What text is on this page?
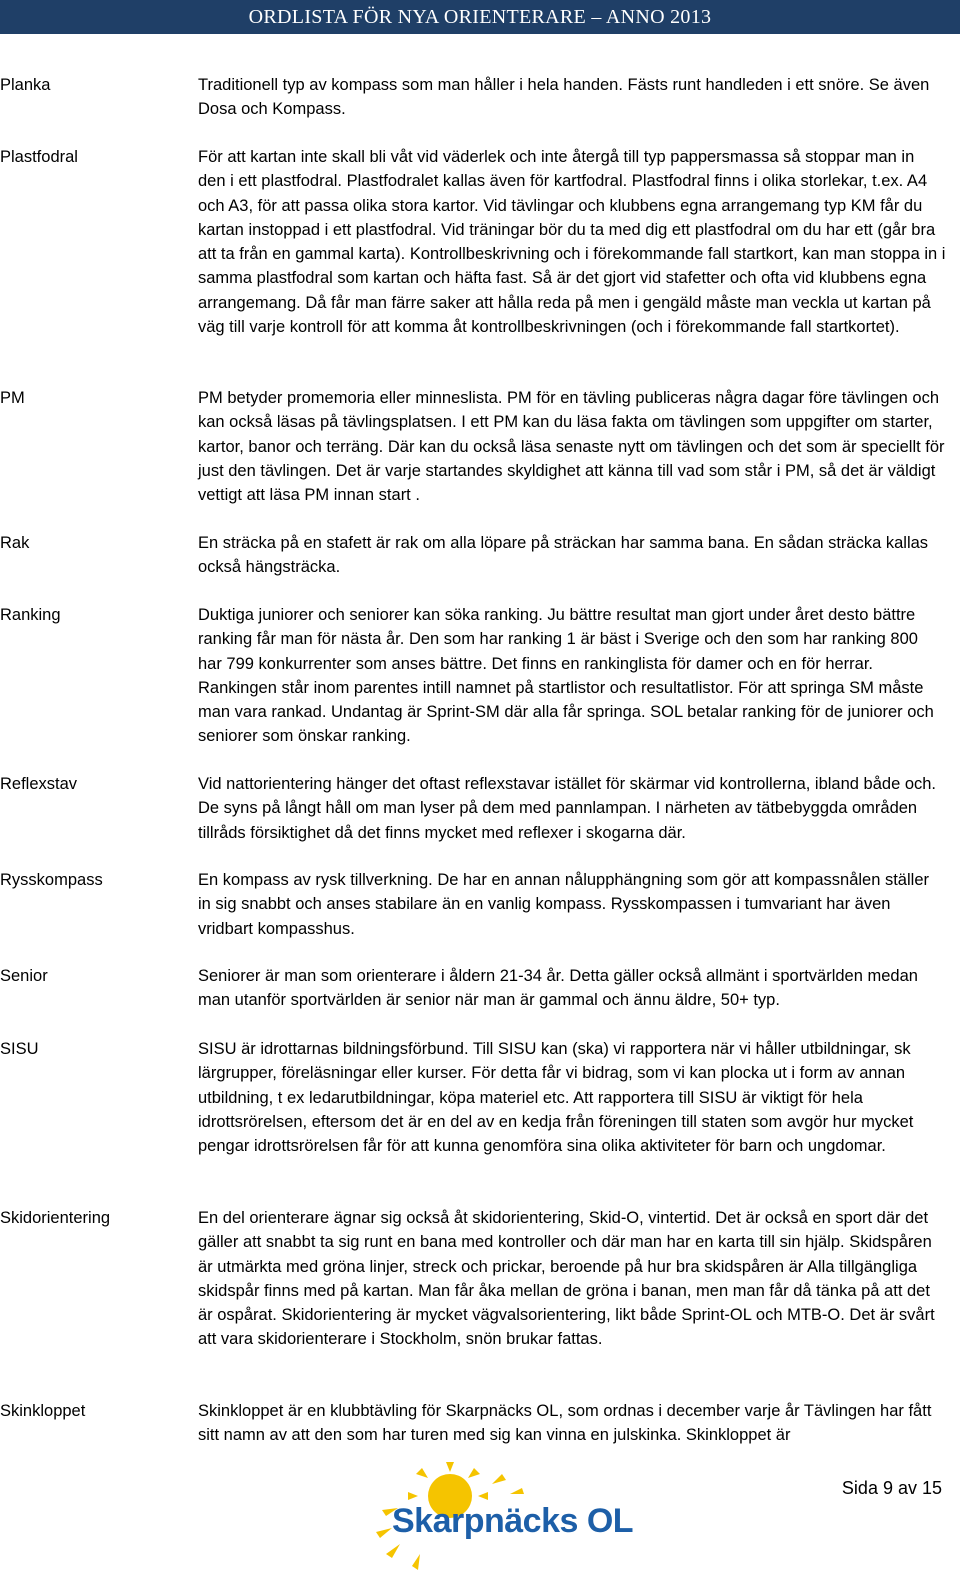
ORDLISTA FÖR NYA ORIENTERARE – ANNO 2013
Planka	Traditionell typ av kompass som man håller i hela handen. Fästs runt handleden i ett snöre. Se även Dosa och Kompass.
Plastfodral	För att kartan inte skall bli våt vid väderlek och inte återgå till typ pappersmassa så stoppar man in den i ett plastfodral. Plastfodralet kallas även för kartfodral. Plastfodral finns i olika storlekar, t.ex. A4 och A3, för att passa olika stora kartor. Vid tävlingar och klubbens egna arrangemang typ KM får du kartan instoppad i ett plastfodral. Vid träningar bör du ta med dig ett plastfodral om du har ett (går bra att ta från en gammal karta). Kontrollbeskrivning och i förekommande fall startkort, kan man stoppa in i samma plastfodral som kartan och häfta fast. Så är det gjort vid stafetter och ofta vid klubbens egna arrangemang. Då får man färre saker att hålla reda på men i gengäld måste man veckla ut kartan på väg till varje kontroll för att komma åt kontrollbeskrivningen (och i förekommande fall startkortet).
PM	PM betyder promemoria eller minneslista. PM för en tävling publiceras några dagar före tävlingen och kan också läsas på tävlingsplatsen. I ett PM kan du läsa fakta om tävlingen som uppgifter om starter, kartor, banor och terräng. Där kan du också läsa senaste nytt om tävlingen och det som är speciellt för just den tävlingen. Det är varje startandes skyldighet att känna till vad som står i PM, så det är väldigt vettigt att läsa PM innan start .
Rak	En sträcka på en stafett är rak om alla löpare på sträckan har samma bana. En sådan sträcka kallas också hängsträcka.
Ranking	Duktiga juniorer och seniorer kan söka ranking. Ju bättre resultat man gjort under året desto bättre ranking får man för nästa år. Den som har ranking 1 är bäst i Sverige och den som har ranking 800 har 799 konkurrenter som anses bättre. Det finns en rankinglista för damer och en för herrar. Rankingen står inom parentes intill namnet på startlistor och resultatlistor. För att springa SM måste man vara rankad. Undantag är Sprint-SM där alla får springa. SOL betalar ranking för de juniorer och seniorer som önskar ranking.
Reflexstav	Vid nattorientering hänger det oftast reflexstavar istället för skärmar vid kontrollerna, ibland både och. De syns på långt håll om man lyser på dem med pannlampan. I närheten av tätbebyggda områden tillråds försiktighet då det finns mycket med reflexer i skogarna där.
Rysskompass	En kompass av rysk tillverkning. De har en annan nålupphängning som gör att kompassnålen ställer in sig snabbt och anses stabilare än en vanlig kompass. Rysskompassen i tumvariant har även vridbart kompasshus.
Senior	Seniorer är man som orienterare i åldern 21-34 år. Detta gäller också allmänt i sportvärlden medan man utanför sportvärlden är senior när man är gammal och ännu äldre, 50+ typ.
SISU	SISU är idrottarnas bildningsförbund. Till SISU kan (ska) vi rapportera när vi håller utbildningar, sk lärgrupper, föreläsningar eller kurser. För detta får vi bidrag, som vi kan plocka ut i form av annan utbildning, t ex ledarutbildningar, köpa materiel etc. Att rapportera till SISU är viktigt för hela idrottsrörelsen, eftersom det är en del av en kedja från föreningen till staten som avgör hur mycket pengar idrottsrörelsen får för att kunna genomföra sina olika aktiviteter för barn och ungdomar.
Skidorientering	En del orienterare ägnar sig också åt skidorientering, Skid-O, vintertid. Det är också en sport där det gäller att snabbt ta sig runt en bana med kontroller och där man har en karta till sin hjälp. Skidspåren är utmärkta med gröna linjer, streck och prickar, beroende på hur bra skidspåren är Alla tillgängliga skidspår finns med på kartan. Man får åka mellan de gröna i banan, men man får då tänka på att det är ospårat. Skidorientering är mycket vägvalsorientering, likt både Sprint-OL och MTB-O. Det är svårt att vara skidorienterare i Stockholm, snön brukar fattas.
Skinkloppet	Skinkloppet är en klubbtävling för Skarpnäcks OL, som ordnas i december varje år Tävlingen har fått sitt namn av att den som har turen med sig kan vinna en julskinka. Skinkloppet är
Sida 9 av 15
Skarpnäcks OL
